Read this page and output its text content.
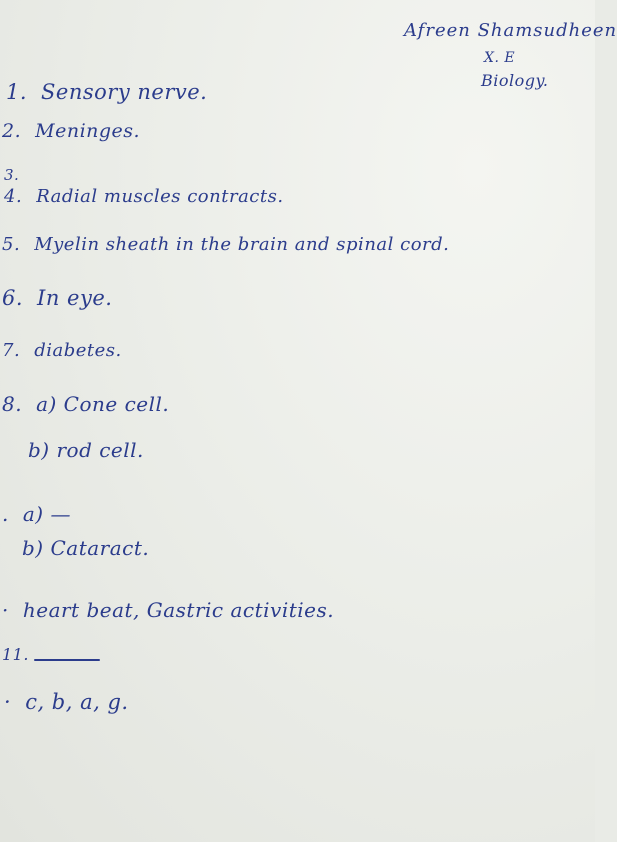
Afreen Shamsudheen
X. E
Biology.
1. Sensory nerve.
2. Meninges.
3.
4. Radial muscles contracts.
5. Myelin sheath in the brain and spinal cord.
6. In eye.
7. diabetes.
8. a) Cone cell.
b) rod cell.
. a) —
b) Cataract.
· heart beat, Gastric activities.
11.
· c, b, a, g.
